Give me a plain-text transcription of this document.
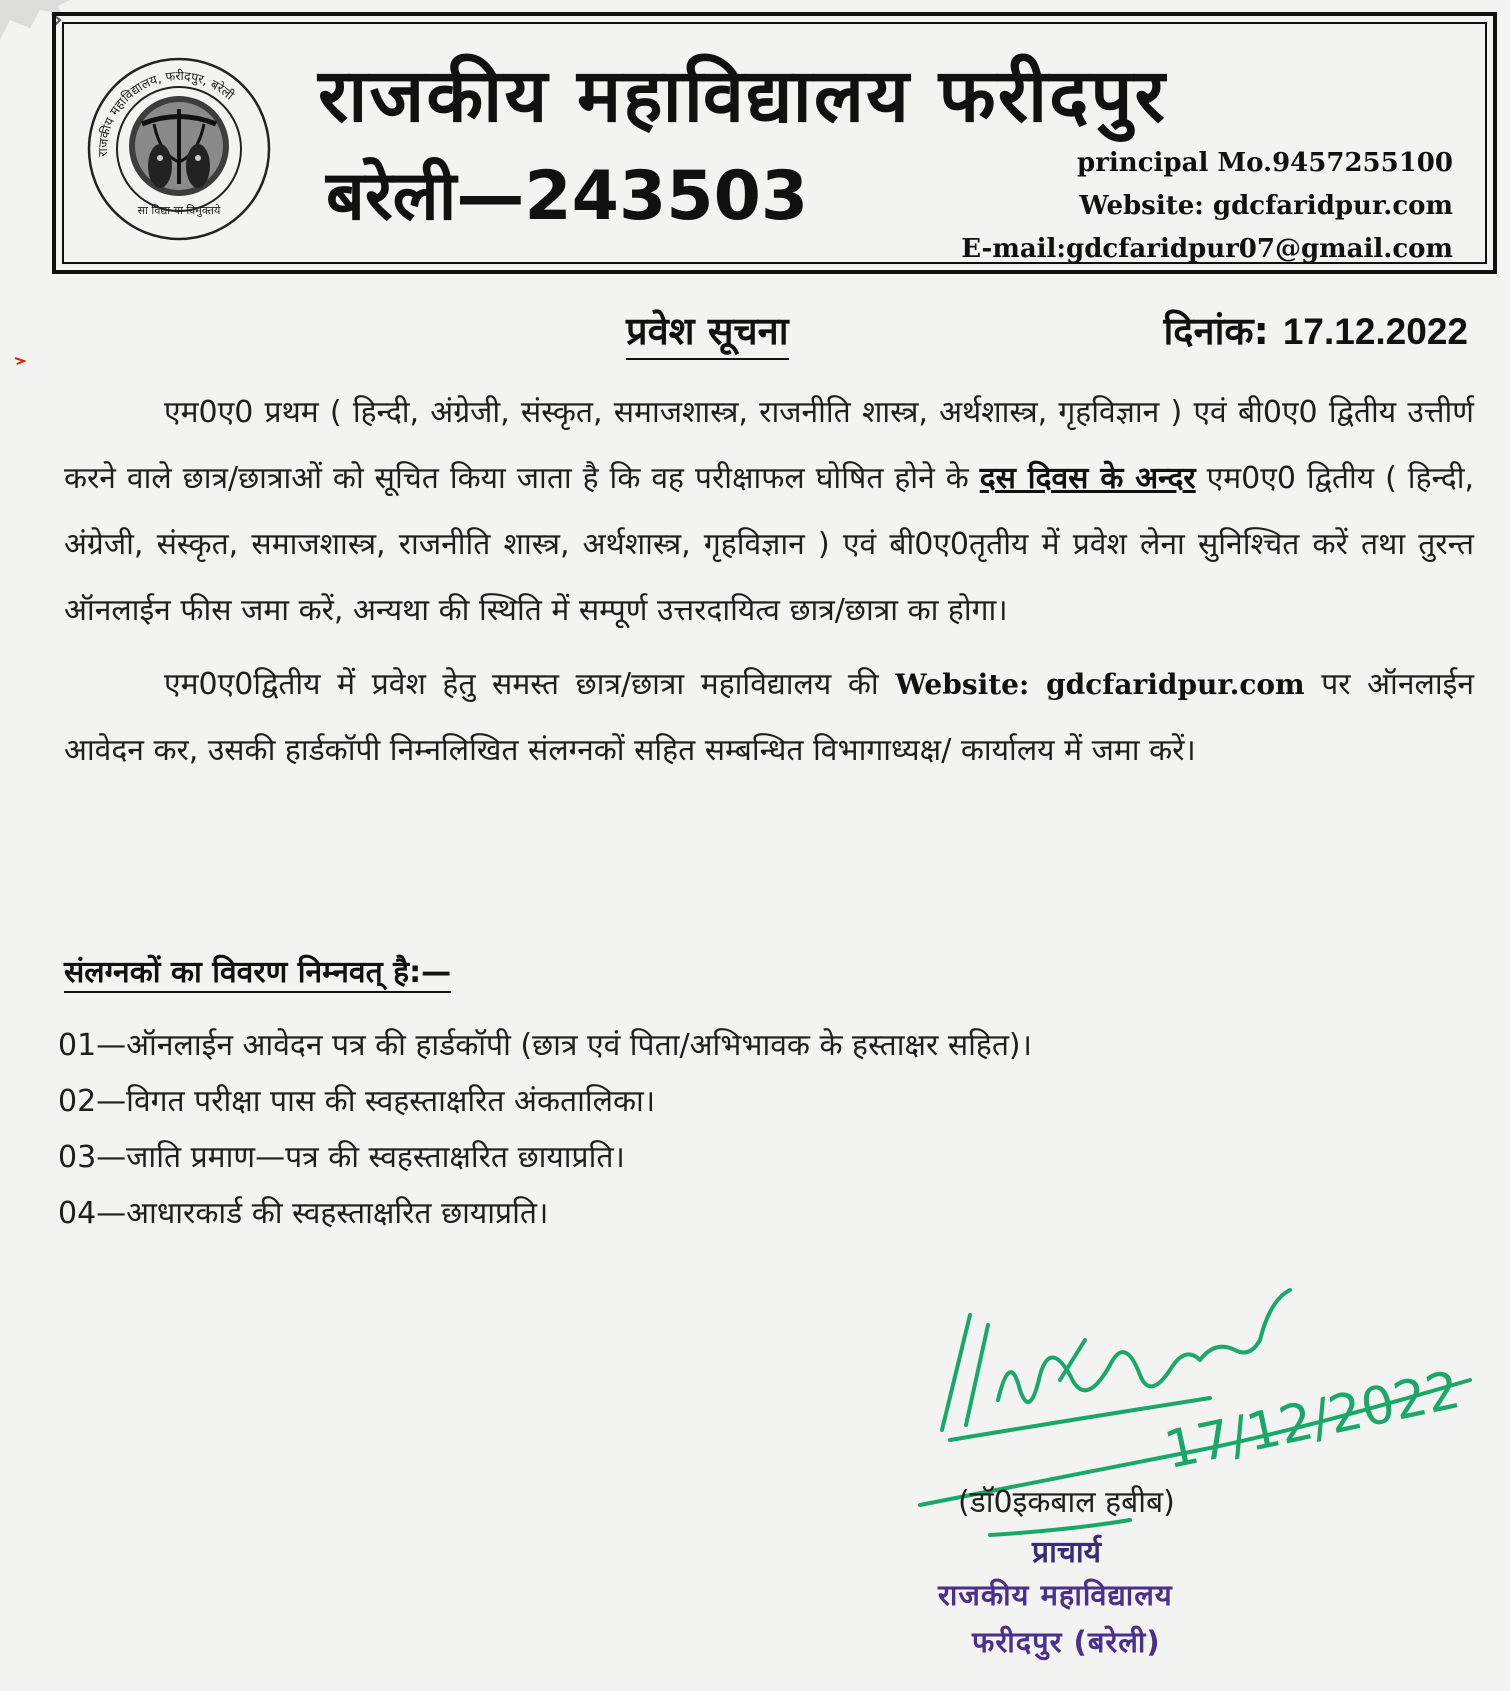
राजकीय महाविद्यालय, फरीदपुर, बरेली
सा विद्या या विमुक्तये
राजकीय महाविद्यालय फरीदपुर
बरेली—243503	principal Mo.9457255100
Website: gdcfaridpur.com
E-mail:gdcfaridpur07@gmail.com
प्रवेश सूचना	दिनांक: 17.12.2022

एम0ए0 प्रथम ( हिन्दी, अंग्रेजी, संस्कृत, समाजशास्त्र, राजनीति शास्त्र, अर्थशास्त्र, गृहविज्ञान ) एवं बी0ए0 द्वितीय उत्तीर्ण करने वाले छात्र/छात्राओं को सूचित किया जाता है कि वह परीक्षाफल घोषित होने के दस दिवस के अन्दर एम0ए0 द्वितीय ( हिन्दी, अंग्रेजी, संस्कृत, समाजशास्त्र, राजनीति शास्त्र, अर्थशास्त्र, गृहविज्ञान ) एवं बी0ए0तृतीय में प्रवेश लेना सुनिश्चित करें तथा तुरन्त ऑनलाईन फीस जमा करें, अन्यथा की स्थिति में सम्पूर्ण उत्तरदायित्व छात्र/छात्रा का होगा।

एम0ए0द्वितीय में प्रवेश हेतु समस्त छात्र/छात्रा महाविद्यालय की Website: gdcfaridpur.com पर ऑनलाईन आवेदन कर, उसकी हार्डकॉपी निम्नलिखित संलग्नकों सहित सम्बन्धित विभागाध्यक्ष/ कार्यालय में जमा करें।

संलग्नकों का विवरण निम्नवत् है:—
01—ऑनलाईन आवेदन पत्र की हार्डकॉपी (छात्र एवं पिता/अभिभावक के हस्ताक्षर सहित)।
02—विगत परीक्षा पास की स्वहस्ताक्षरित अंकतालिका।
03—जाति प्रमाण—पत्र की स्वहस्ताक्षरित छायाप्रति।
04—आधारकार्ड की स्वहस्ताक्षरित छायाप्रति।
17/12/2022
(डॉ0इकबाल हबीब)
प्राचार्य
राजकीय महाविद्यालय
फरीदपुर (बरेली)
